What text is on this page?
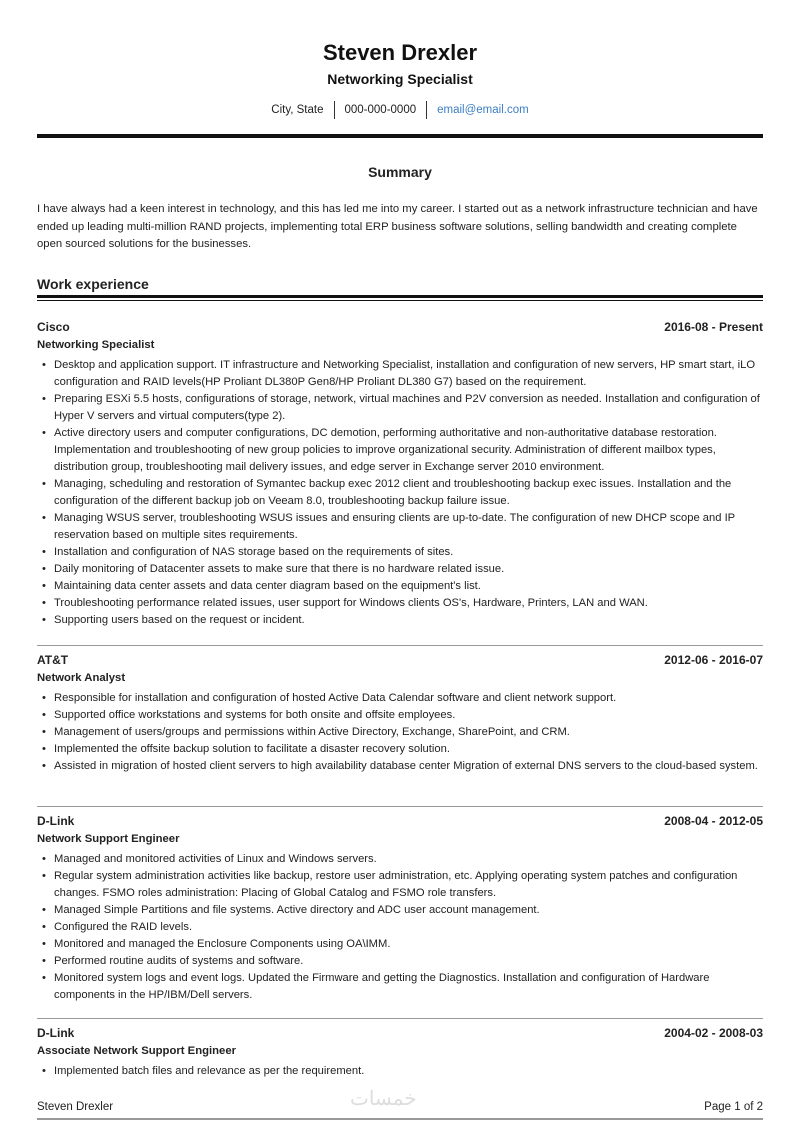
Steven Drexler
Networking Specialist
City, State 000-000-0000 email@email.com
Summary
I have always had a keen interest in technology, and this has led me into my career. I started out as a network infrastructure technician and have ended up leading multi-million RAND projects, implementing total ERP business software solutions, selling bandwidth and creating complete open sourced solutions for the businesses.
Work experience
Cisco	2016-08 - Present
Networking Specialist
• Desktop and application support. IT infrastructure and Networking Specialist, installation and configuration of new servers, HP smart start, iLO configuration and RAID levels(HP Proliant DL380P Gen8/HP Proliant DL380 G7) based on the requirement.
• Preparing ESXi 5.5 hosts, configurations of storage, network, virtual machines and P2V conversion as needed. Installation and configuration of Hyper V servers and virtual computers(type 2).
• Active directory users and computer configurations, DC demotion, performing authoritative and non-authoritative database restoration. Implementation and troubleshooting of new group policies to improve organizational security. Administration of different mailbox types, distribution group, troubleshooting mail delivery issues, and edge server in Exchange server 2010 environment.
• Managing, scheduling and restoration of Symantec backup exec 2012 client and troubleshooting backup exec issues. Installation and the configuration of the different backup job on Veeam 8.0, troubleshooting backup failure issue.
• Managing WSUS server, troubleshooting WSUS issues and ensuring clients are up-to-date. The configuration of new DHCP scope and IP reservation based on multiple sites requirements.
• Installation and configuration of NAS storage based on the requirements of sites.
• Daily monitoring of Datacenter assets to make sure that there is no hardware related issue.
• Maintaining data center assets and data center diagram based on the equipment's list.
• Troubleshooting performance related issues, user support for Windows clients OS's, Hardware, Printers, LAN and WAN.
• Supporting users based on the request or incident.
AT&T	2012-06 - 2016-07
Network Analyst
• Responsible for installation and configuration of hosted Active Data Calendar software and client network support.
• Supported office workstations and systems for both onsite and offsite employees.
• Management of users/groups and permissions within Active Directory, Exchange, SharePoint, and CRM.
• Implemented the offsite backup solution to facilitate a disaster recovery solution.
• Assisted in migration of hosted client servers to high availability database center Migration of external DNS servers to the cloud-based system.
D-Link	2008-04 - 2012-05
Network Support Engineer
• Managed and monitored activities of Linux and Windows servers.
• Regular system administration activities like backup, restore user administration, etc. Applying operating system patches and configuration changes. FSMO roles administration: Placing of Global Catalog and FSMO role transfers.
• Managed Simple Partitions and file systems. Active directory and ADC user account management.
• Configured the RAID levels.
• Monitored and managed the Enclosure Components using OA\IMM.
• Performed routine audits of systems and software.
• Monitored system logs and event logs. Updated the Firmware and getting the Diagnostics. Installation and configuration of Hardware components in the HP/IBM/Dell servers.
D-Link	2004-02 - 2008-03
Associate Network Support Engineer
• Implemented batch files and relevance as per the requirement.
خمسات
Steven Drexler	Page 1 of 2
